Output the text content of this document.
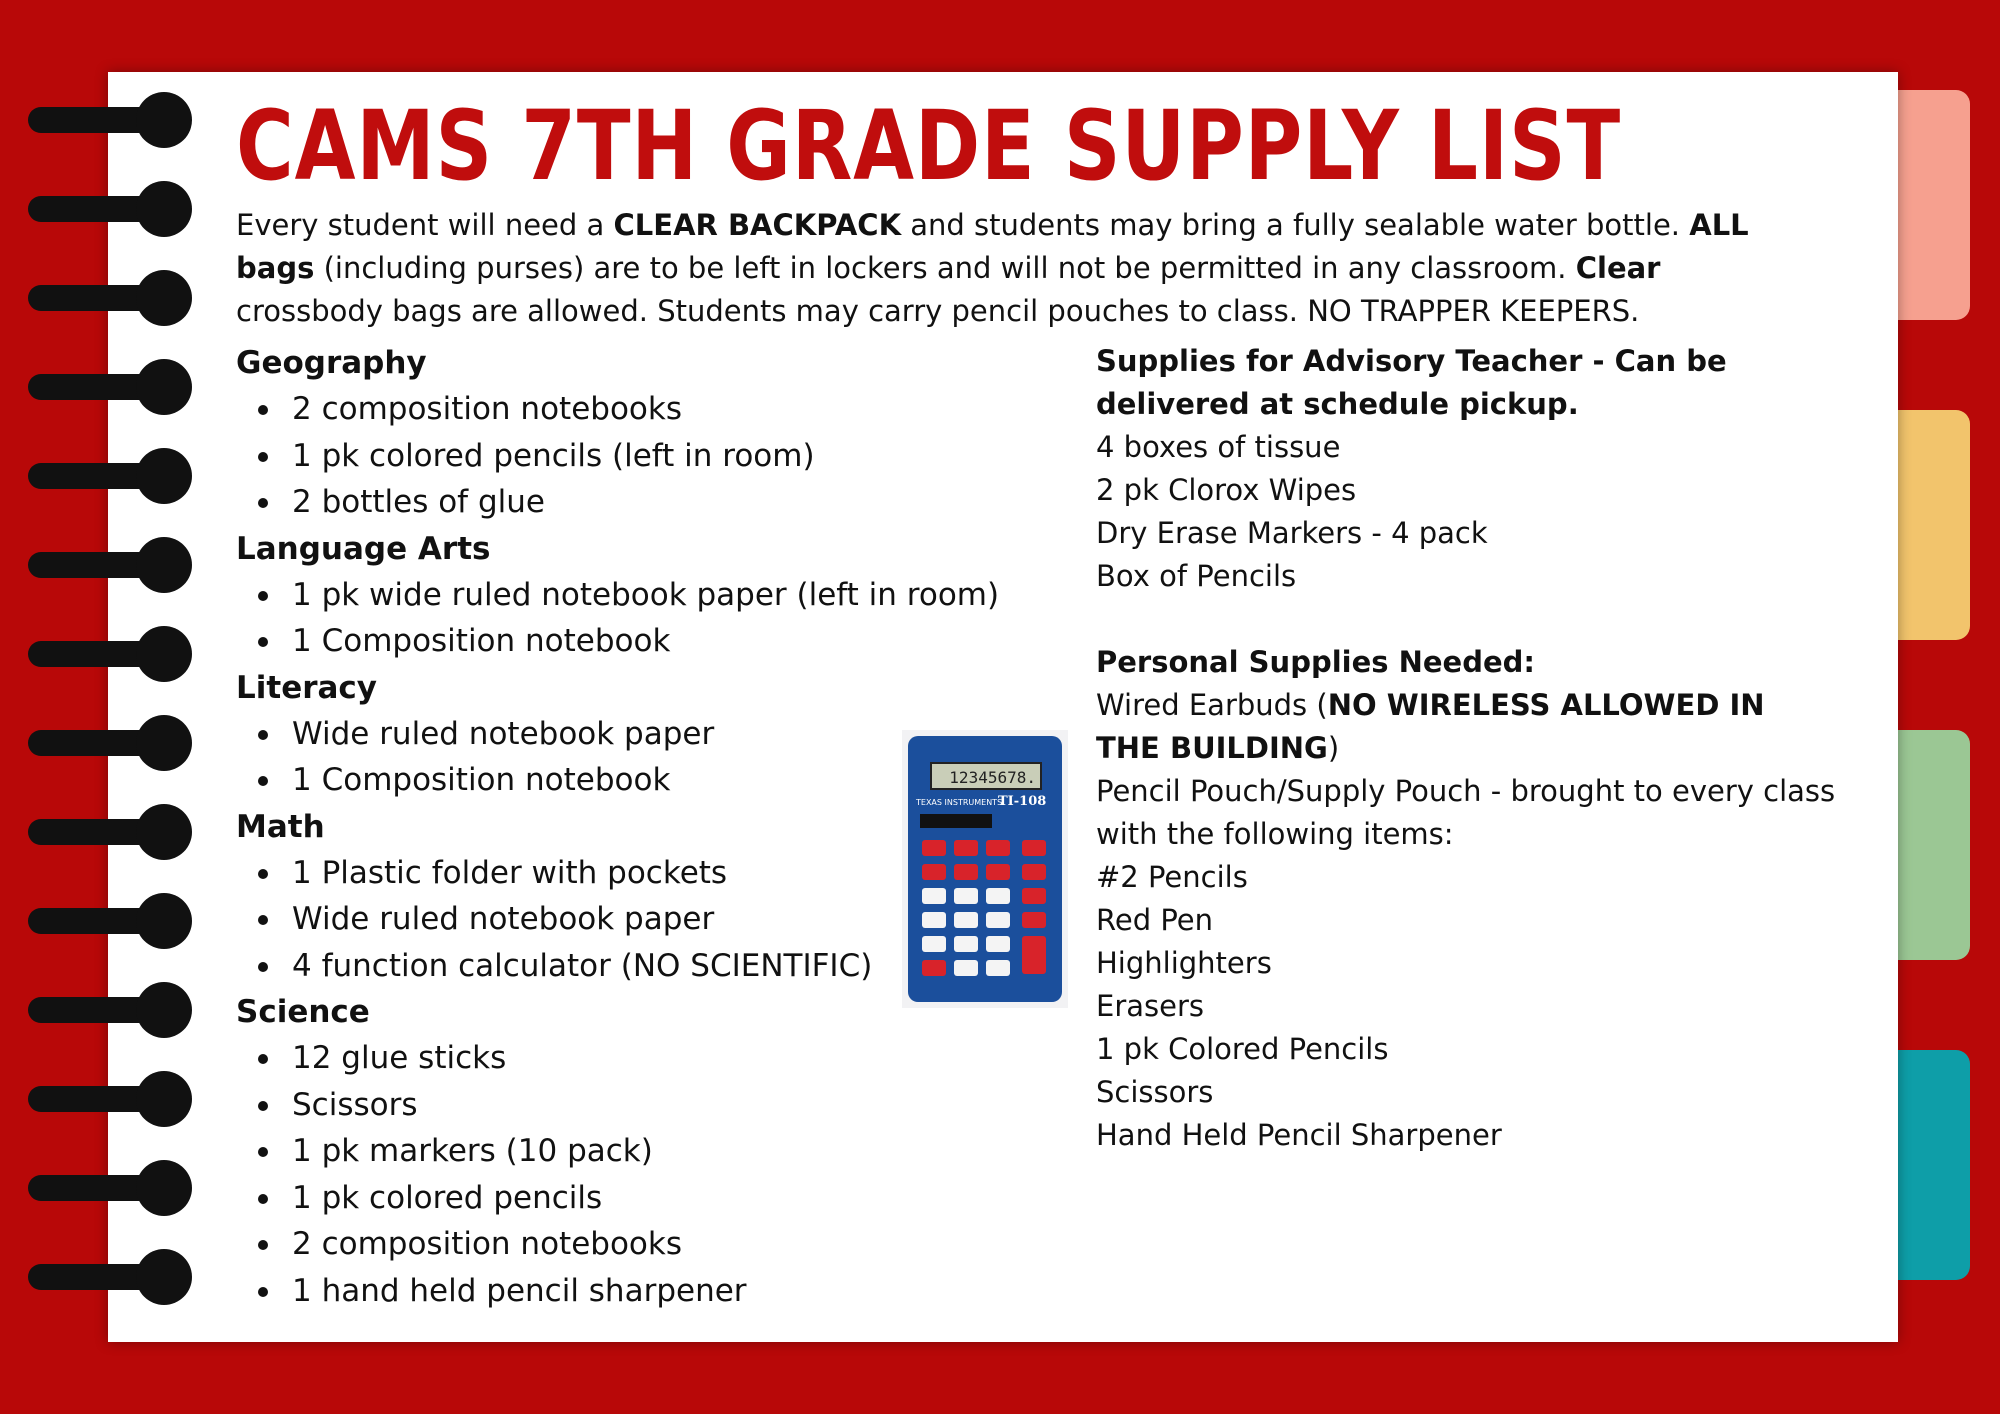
CAMS 7TH GRADE SUPPLY LIST
Every student will need a CLEAR BACKPACK and students may bring a fully sealable water bottle. ALL bags (including purses) are to be left in lockers and will not be permitted in any classroom. Clear crossbody bags are allowed. Students may carry pencil pouches to class. NO TRAPPER KEEPERS.
Geography
2 composition notebooks
1 pk colored pencils (left in room)
2 bottles of glue
Language Arts
1 pk wide ruled notebook paper (left in room)
1 Composition notebook
Literacy
Wide ruled notebook paper
1 Composition notebook
Math
1 Plastic folder with pockets
Wide ruled notebook paper
4 function calculator (NO SCIENTIFIC)
Science
12 glue sticks
Scissors
1 pk markers (10 pack)
1 pk colored pencils
2 composition notebooks
1 hand held pencil sharpener
12345678.
TEXAS INSTRUMENTS
TI-108
Supplies for Advisory Teacher - Can be delivered at schedule pickup.
4 boxes of tissue
2 pk Clorox Wipes
Dry Erase Markers - 4 pack
Box of Pencils
Personal Supplies Needed:
Wired Earbuds (NO WIRELESS ALLOWED IN THE BUILDING)
Pencil Pouch/Supply Pouch - brought to every class with the following items:
#2 Pencils
Red Pen
Highlighters
Erasers
1 pk Colored Pencils
Scissors
Hand Held Pencil Sharpener
